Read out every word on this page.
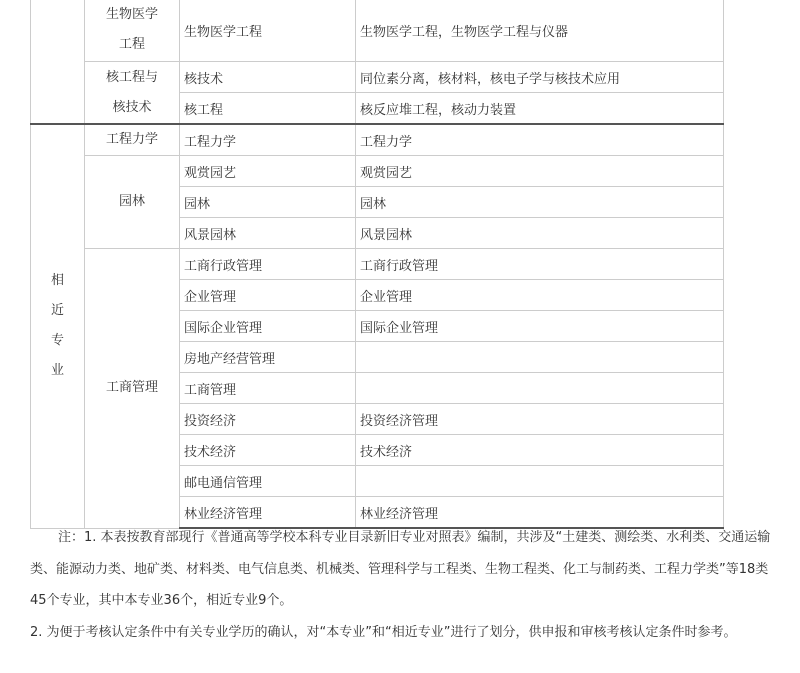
	生物医学
工程	生物医学工程	生物医学工程，生物医学工程与仪器

	核工程与
核技术	核技术	同位素分离，核材料，核电子学与核技术应用
		核工程	核反应堆工程，核动力装置

相
近
专
业	工程力学	工程力学	工程力学
	园林	观赏园艺	观赏园艺
		园林	园林
		风景园林	风景园林
	工商管理	工商行政管理	工商行政管理
		企业管理	企业管理
		国际企业管理	国际企业管理
		房地产经营管理	
		工商管理	
		投资经济	投资经济管理
		技术经济	技术经济
		邮电通信管理	
		林业经济管理	林业经济管理

注：1. 本表按教育部现行《普通高等学校本科专业目录新旧专业对照表》编制，共涉及“土建类、测绘类、水利类、交通运输类、能源动力类、地矿类、材料类、电气信息类、机械类、管理科学与工程类、生物工程类、化工与制药类、工程力学类”等18类45个专业，其中本专业36个，相近专业9个。

2. 为便于考核认定条件中有关专业学历的确认，对“本专业”和“相近专业”进行了划分，供申报和审核考核认定条件时参考。
